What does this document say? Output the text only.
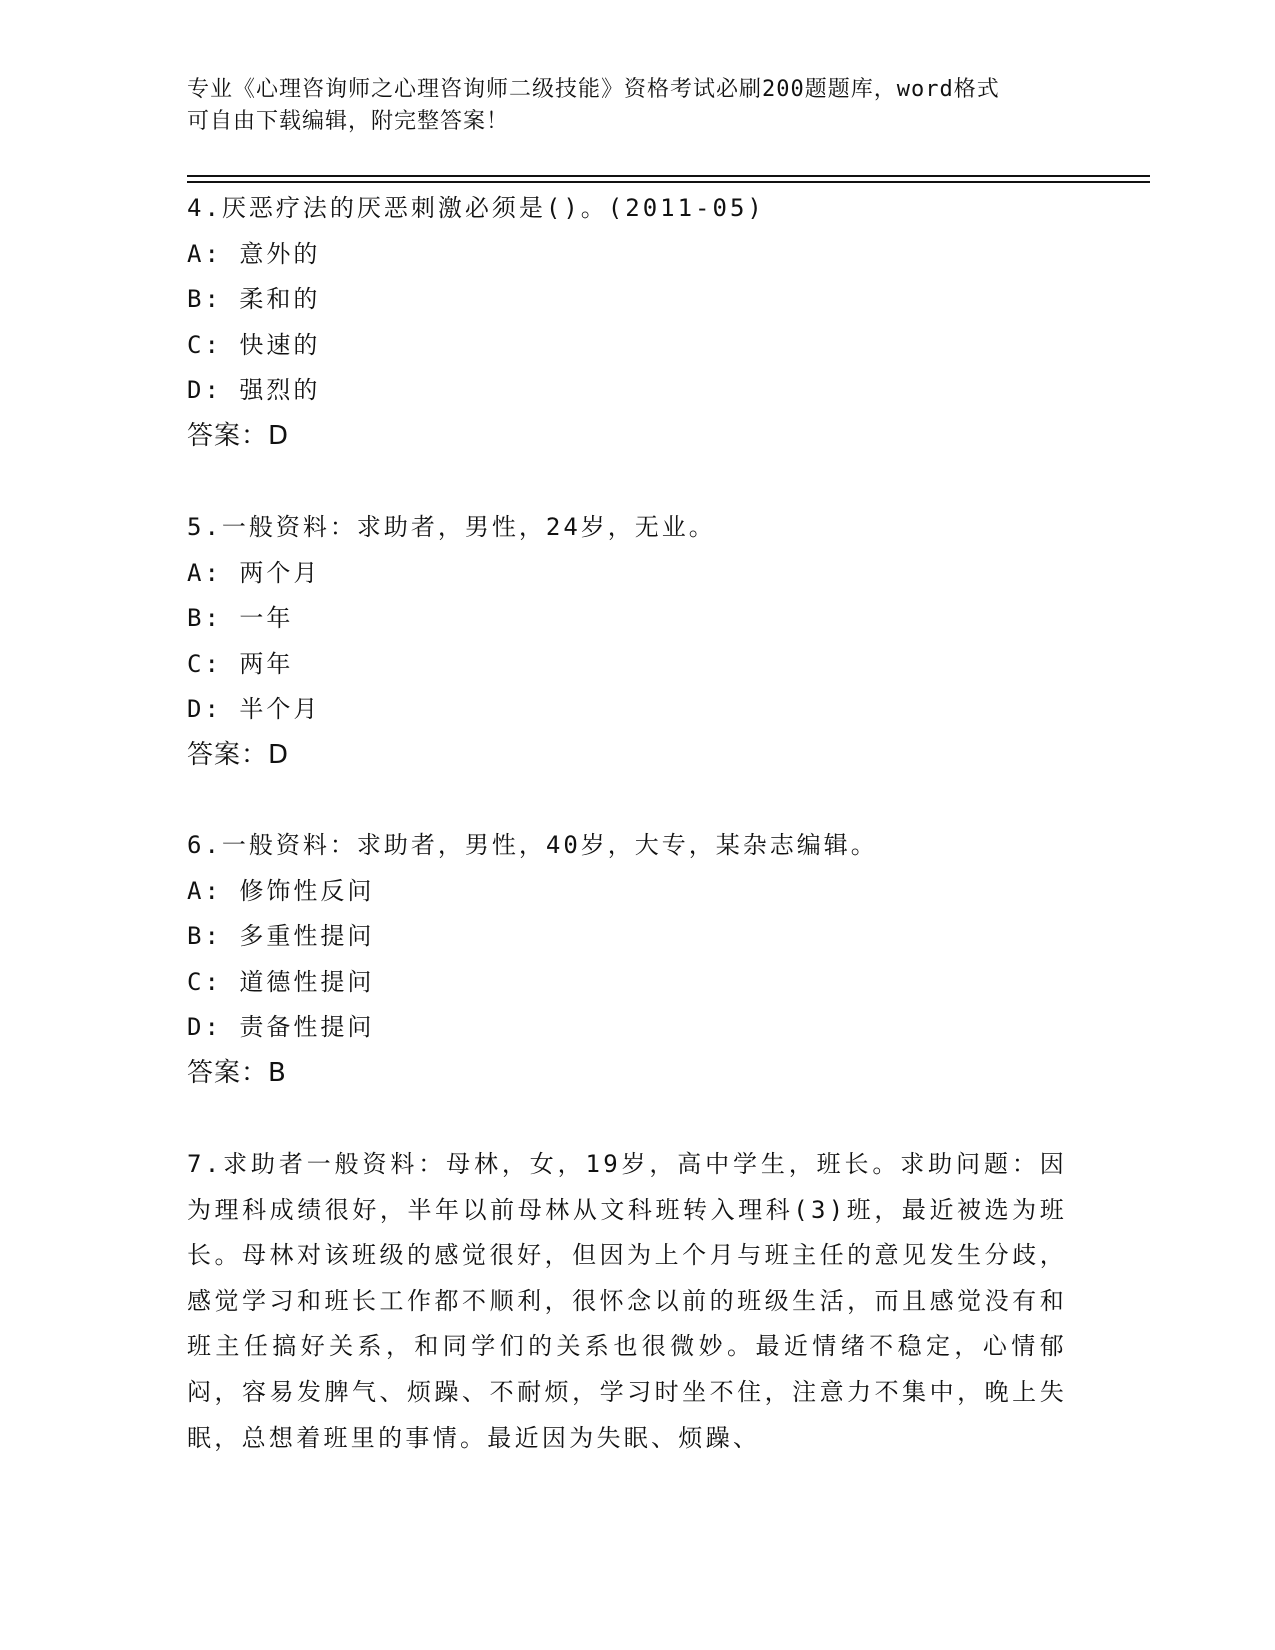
专业《心理咨询师之心理咨询师二级技能》资格考试必刷200题题库，word格式
可自由下载编辑，附完整答案！
4.厌恶疗法的厌恶刺激必须是()。(2011-05)
A: 意外的
B: 柔和的
C: 快速的
D: 强烈的
答案：D
5.一般资料：求助者，男性，24岁，无业。
A: 两个月
B: 一年
C: 两年
D: 半个月
答案：D
6.一般资料：求助者，男性，40岁，大专，某杂志编辑。
A: 修饰性反问
B: 多重性提问
C: 道德性提问
D: 责备性提问
答案：B
7.求助者一般资料：母林，女，19岁，高中学生，班长。求助问题：因为理科成绩很好，半年以前母林从文科班转入理科(3)班，最近被选为班长。母林对该班级的感觉很好，但因为上个月与班主任的意见发生分歧，感觉学习和班长工作都不顺利，很怀念以前的班级生活，而且感觉没有和班主任搞好关系，和同学们的关系也很微妙。最近情绪不稳定，心情郁闷，容易发脾气、烦躁、不耐烦，学习时坐不住，注意力不集中，晚上失眠，总想着班里的事情。最近因为失眠、烦躁、
